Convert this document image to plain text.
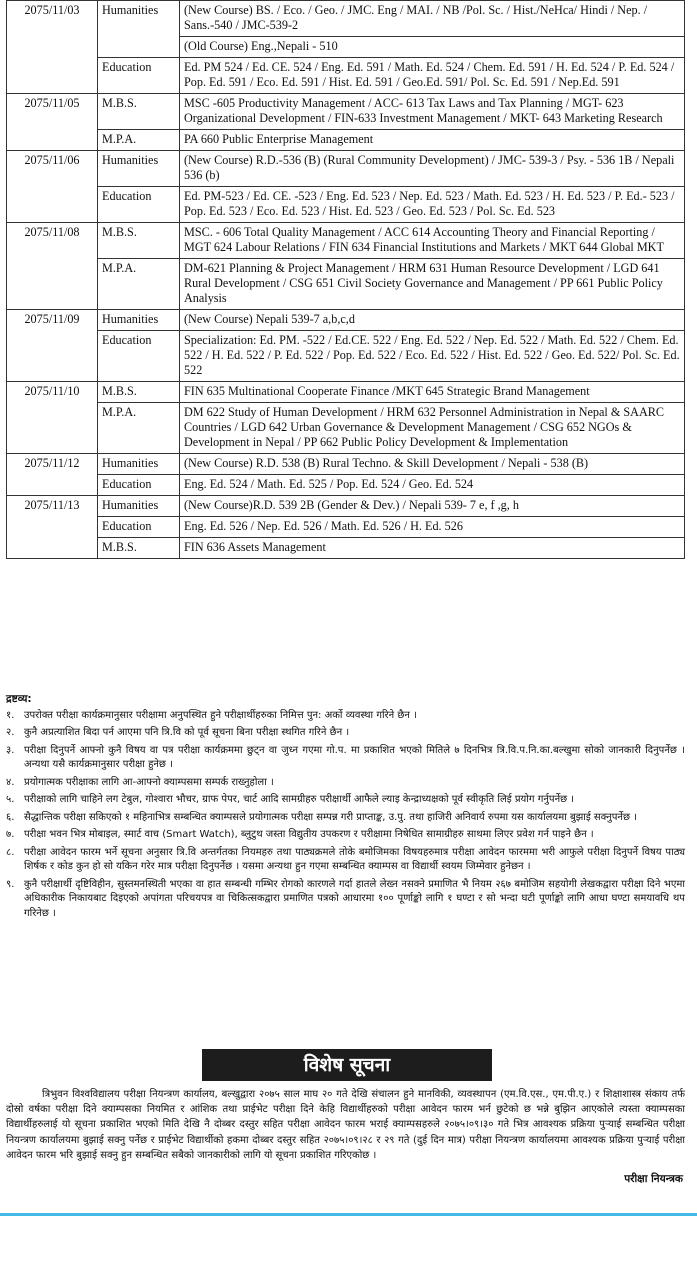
2075/11/03	Humanities	(New Course) BS. / Eco. / Geo. / JMC. Eng / MAI. / NB /Pol. Sc. / Hist./NeHca/ Hindi / Nep. / Sans.-540 / JMC-539-2
		(Old Course) Eng.,Nepali - 510
	Education	Ed. PM 524 / Ed. CE. 524 / Eng. Ed. 591 / Math. Ed. 524 / Chem. Ed. 591 / H. Ed. 524 / P. Ed. 524 / Pop. Ed. 591 / Eco. Ed. 591 / Hist. Ed. 591 / Geo.Ed. 591/ Pol. Sc. Ed. 591 / Nep.Ed. 591
2075/11/05	M.B.S.	MSC -605 Productivity Management / ACC- 613 Tax Laws and Tax Planning / MGT- 623 Organizational Development / FIN-633 Investment Management / MKT- 643 Marketing Research
	M.P.A.	PA 660 Public Enterprise Management
2075/11/06	Humanities	(New Course) R.D.-536 (B) (Rural Community Development) / JMC- 539-3 / Psy. - 536 1B / Nepali 536 (b)
	Education	Ed. PM-523 / Ed. CE. -523 / Eng. Ed. 523 / Nep. Ed. 523 / Math. Ed. 523 / H. Ed. 523 / P. Ed.- 523 / Pop. Ed. 523 / Eco. Ed. 523 / Hist. Ed. 523 / Geo. Ed. 523 / Pol. Sc. Ed. 523
2075/11/08	M.B.S.	MSC. - 606 Total Quality Management / ACC 614 Accounting Theory and Financial Reporting / MGT 624 Labour Relations / FIN 634 Financial Institutions and Markets / MKT 644 Global MKT
	M.P.A.	DM-621 Planning & Project Management / HRM 631 Human Resource Development / LGD 641 Rural Development / CSG 651 Civil Society Governance and Management / PP 661 Public Policy Analysis
2075/11/09	Humanities	(New Course) Nepali 539-7 a,b,c,d
	Education	Specialization: Ed. PM. -522 / Ed.CE. 522 / Eng. Ed. 522 / Nep. Ed. 522 / Math. Ed. 522 / Chem. Ed. 522 / H. Ed. 522 / P. Ed. 522 / Pop. Ed. 522 / Eco. Ed. 522 / Hist. Ed. 522 / Geo. Ed. 522/ Pol. Sc. Ed. 522
2075/11/10	M.B.S.	FIN 635 Multinational Cooperate Finance /MKT 645 Strategic Brand Management
	M.P.A.	DM 622 Study of Human Development / HRM 632 Personnel Administration in Nepal & SAARC Countries / LGD 642 Urban Governance & Development Management / CSG 652 NGOs & Development in Nepal / PP 662 Public Policy Development & Implementation
2075/11/12	Humanities	(New Course) R.D. 538 (B) Rural Techno. & Skill Development / Nepali - 538 (B)
	Education	Eng. Ed. 524 / Math. Ed. 525 / Pop. Ed. 524 / Geo. Ed. 524
2075/11/13	Humanities	(New Course)R.D. 539 2B (Gender & Dev.) / Nepali 539- 7 e, f ,g, h
	Education	Eng. Ed. 526 / Nep. Ed. 526 / Math. Ed. 526 / H. Ed. 526
	M.B.S.	FIN 636 Assets Management
द्रष्टव्य:
१. उपरोक्त परीक्षा कार्यक्रमानुसार परीक्षामा अनुपस्थित हुने परीक्षार्थीहरुका निमित्त पुन: अर्को व्यवस्था गरिने छैन ।
२. कुनै अप्रत्याशित बिदा पर्न आएमा पनि त्रि.वि को पूर्व सूचना बिना परीक्षा स्थगित गरिने छैन ।
३. परीक्षा दिनुपर्ने आफ्नो कुनै विषय वा पत्र परीक्षा कार्यक्रममा छुट्न वा जुध्न गएमा गो.प. मा प्रकाशित भएको मितिले ७ दिनभित्र त्रि.वि.प.नि.का.बल्खुमा सोको जानकारी दिनुपर्नेछ । अन्यथा यसै कार्यक्रमानुसार परीक्षा हुनेछ ।
४. प्रयोगात्मक परीक्षाका लागि आ-आफ्नो क्याम्पसमा सम्पर्क राख्नुहोला ।
५. परीक्षाको लागि चाहिने लग टेबुल, गोश्वारा भौचर, ग्राफ पेपर, चार्ट आदि सामग्रीहरु परीक्षार्थी आफैले ल्याइ केन्द्राध्यक्षको पूर्व स्वीकृति लिई प्रयोग गर्नुपर्नेछ ।
६. सैद्धान्तिक परीक्षा सकिएको १ महिनाभित्र सम्बन्धित क्याम्पसले प्रयोगात्मक परीक्षा सम्पन्न गरी प्राप्ताङ्क, उ.पु. तथा हाजिरी अनिवार्य रुपमा यस कार्यालयमा बुझाई सक्नुपर्नेछ ।
७. परीक्षा भवन भित्र मोबाइल, स्मार्ट वाच (Smart Watch), ब्लुटुथ जस्ता विद्युतीय उपकरण र परीक्षामा निषेधित सामाग्रीहरु साथमा लिएर प्रवेश गर्न पाइने छैन ।
८. परीक्षा आवेदन फारम भर्ने सूचना अनुसार त्रि.वि अन्तर्गतका नियमहरु तथा पाठ्यक्रमले तोके बमोजिमका विषयहरुमात्र परीक्षा आवेदन फारममा भरी आफुले परीक्षा दिनुपर्ने विषय पाठ्य शिर्षक र कोड कुन हो सो यकिन गरेर मात्र परीक्षा दिनुपर्नेछ । यसमा अन्यथा हुन गएमा सम्बन्धित क्याम्पस वा विद्यार्थी स्वयम जिम्मेवार हुनेछन ।
९. कुनै परीक्षार्थी दृष्टिविहीन, सुस्तमनस्थिती भएका वा हात सम्बन्धी गम्भिर रोगको कारणले गर्दा हातले लेख्न नसक्ने प्रमाणित भै नियम २६७ बमोजिम सहयोगी लेखकद्वारा परीक्षा दिने भएमा अधिकारीक निकायबाट दिइएको अपांगता परिचयपत्र वा चिकित्सकद्वारा प्रमाणित पत्रको आधारमा १०० पूर्णाङ्को लागि १ घण्टा र सो भन्दा घटी पूर्णाङ्को लागि आधा घण्टा समयावधि थप गरिनेछ ।
विशेष सूचना
त्रिभुवन विश्वविद्यालय परीक्षा नियन्त्रण कार्यालय, बल्खुद्वारा २०७५ साल माघ २० गते देखि संचालन हुने मानविकी, व्यवस्थापन (एम.वि.एस., एम.पी.ए.) र शिक्षाशास्त्र संकाय तर्फ दोस्रो वर्षका परीक्षा दिने क्याम्पसका नियमित र आंशिक तथा प्राईभेट परीक्षा दिने केहि विद्यार्थीहरुको परीक्षा आवेदन फारम भर्न छुटेको छ भन्ने बुझिन आएकोले त्यस्ता क्याम्पसका विद्यार्थीहरुलाई यो सूचना प्रकाशित भएको मिति देखि नै दोब्बर दस्तुर सहित परीक्षा आवेदन फारम भराई क्याम्पसहरुले २०७५।०९।३० गते भित्र आवश्यक प्रक्रिया पुऱ्याई सम्बन्धित परीक्षा नियन्त्रण कार्यालयमा बुझाई सक्नु पर्नेछ र प्राईभेट विद्यार्थीको हकमा दोब्बर दस्तुर सहित २०७५।०९।२८ र २९ गते (दुई दिन मात्र) परीक्षा नियन्त्रण कार्यालयमा आवश्यक प्रक्रिया पुऱ्याई परीक्षा आवेदन फारम भरि बुझाई सक्नु हुन सम्बन्धित सबैको जानकारीको लागि यो सूचना प्रकाशित गरिएकोछ ।
परीक्षा नियन्त्रक
